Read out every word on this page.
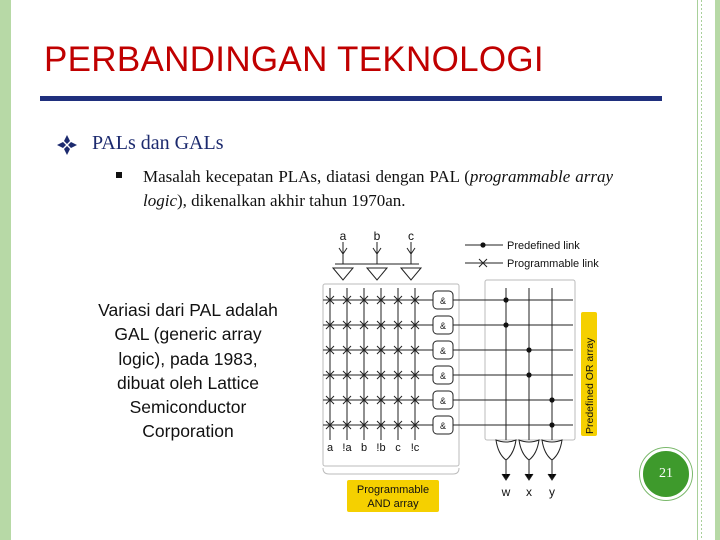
PERBANDINGAN TEKNOLOGI
PALs dan GALs
Masalah kecepatan PLAs, diatasi dengan PAL (programmable array logic), dikenalkan akhir tahun 1970an.
Variasi dari PAL adalah GAL (generic array logic), pada 1983, dibuat oleh Lattice Semiconductor Corporation
a b c
Predefined link
Programmable link
&
&
&
&
&
&
w x y
a !a b !b c !c
Programmable
AND array
Predefined OR array
21
